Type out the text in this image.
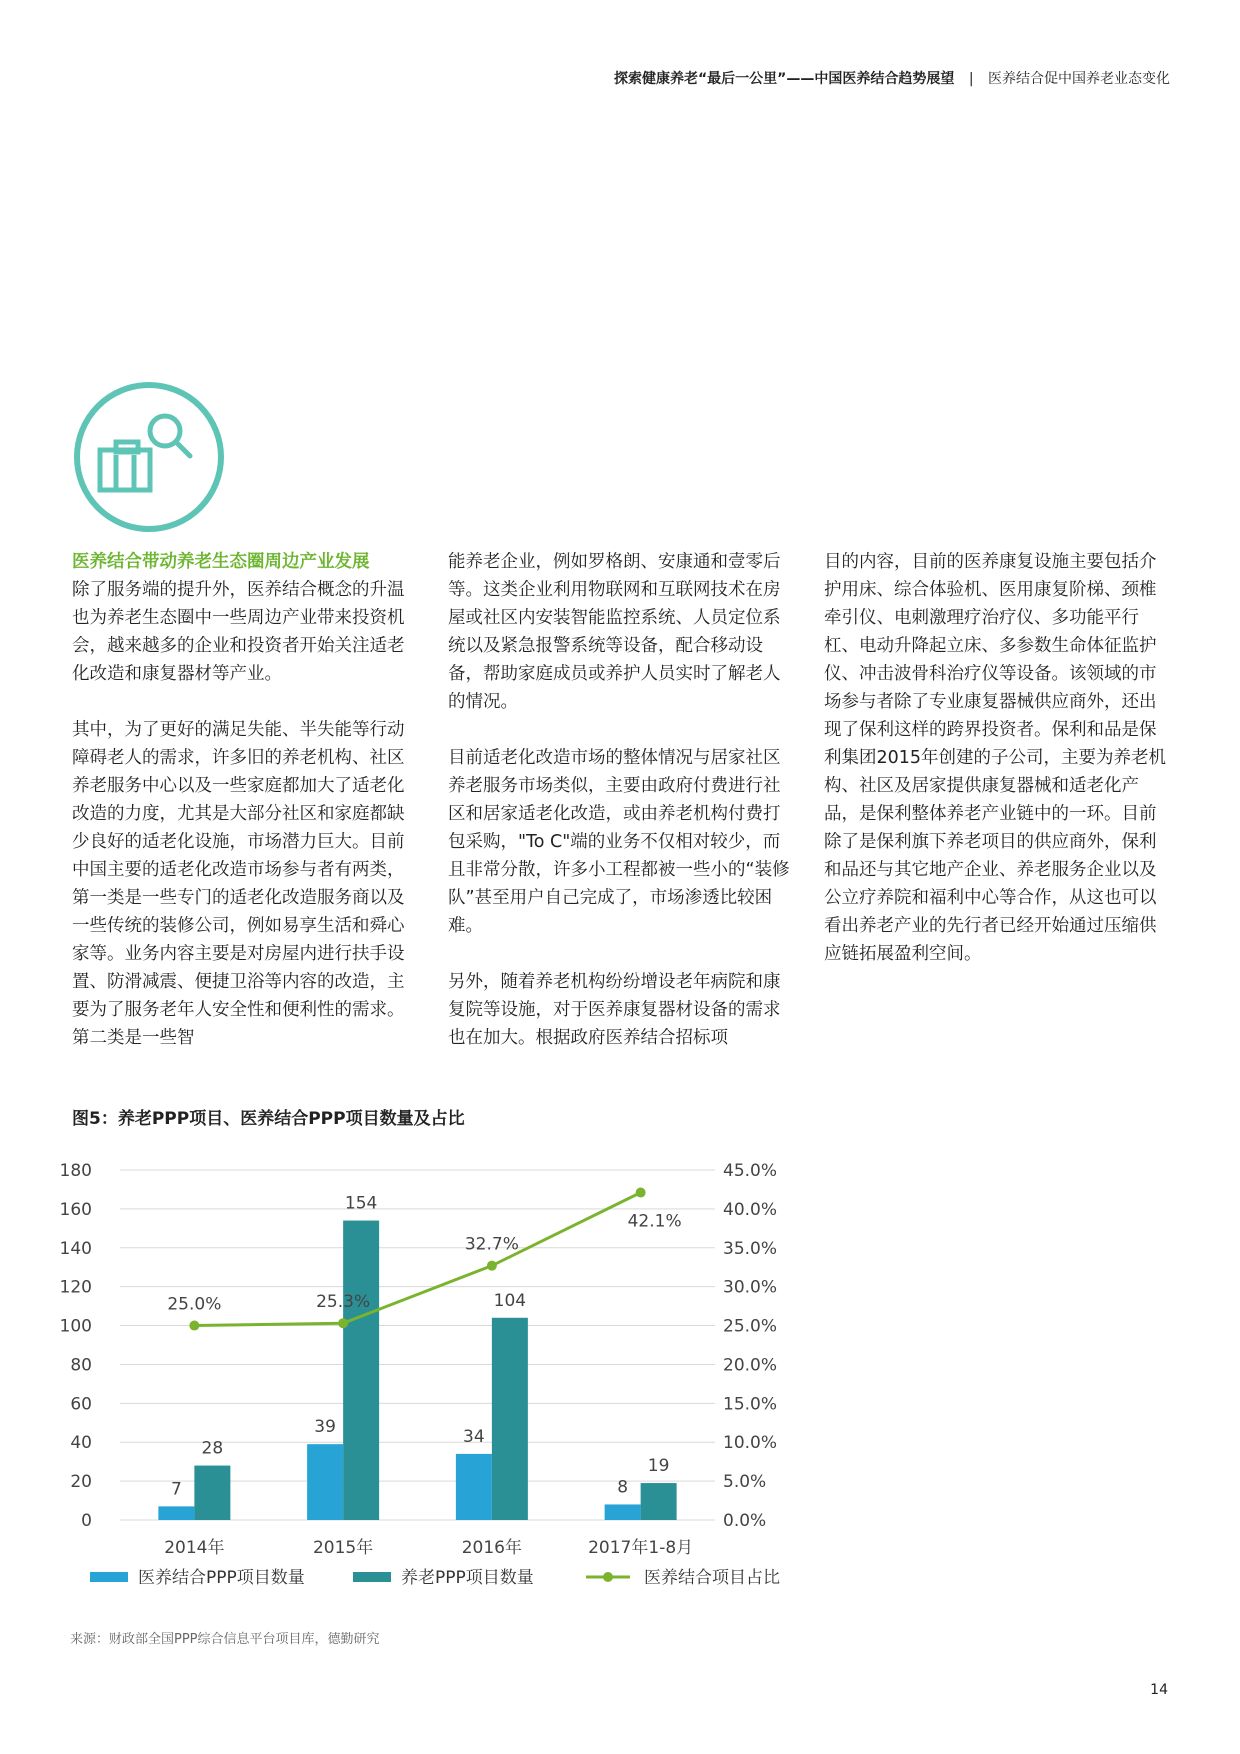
探索健康养老“最后一公里”——中国医养结合趋势展望 | 医养结合促中国养老业态变化
医养结合带动养老生态圈周边产业发展

除了服务端的提升外，医养结合概念的升温也为养老生态圈中一些周边产业带来投资机会，越来越多的企业和投资者开始关注适老化改造和康复器材等产业。

其中，为了更好的满足失能、半失能等行动障碍老人的需求，许多旧的养老机构、社区养老服务中心以及一些家庭都加大了适老化改造的力度，尤其是大部分社区和家庭都缺少良好的适老化设施，市场潜力巨大。目前中国主要的适老化改造市场参与者有两类，第一类是一些专门的适老化改造服务商以及一些传统的装修公司，例如易享生活和舜心家等。业务内容主要是对房屋内进行扶手设置、防滑减震、便捷卫浴等内容的改造，主要为了服务老年人安全性和便利性的需求。第二类是一些智

能养老企业，例如罗格朗、安康通和壹零后等。这类企业利用物联网和互联网技术在房屋或社区内安装智能监控系统、人员定位系统以及紧急报警系统等设备，配合移动设备，帮助家庭成员或养护人员实时了解老人的情况。

目前适老化改造市场的整体情况与居家社区养老服务市场类似，主要由政府付费进行社区和居家适老化改造，或由养老机构付费打包采购，"To C"端的业务不仅相对较少，而且非常分散，许多小工程都被一些小的“装修队”甚至用户自己完成了，市场渗透比较困难。

另外，随着养老机构纷纷增设老年病院和康复院等设施，对于医养康复器材设备的需求也在加大。根据政府医养结合招标项

目的内容，目前的医养康复设施主要包括介护用床、综合体验机、医用康复阶梯、颈椎牵引仪、电刺激理疗治疗仪、多功能平行杠、电动升降起立床、多参数生命体征监护仪、冲击波骨科治疗仪等设备。该领域的市场参与者除了专业康复器械供应商外，还出现了保利这样的跨界投资者。保利和品是保利集团2015年创建的子公司，主要为养老机构、社区及居家提供康复器械和适老化产品，是保利整体养老产业链中的一环。目前除了是保利旗下养老项目的供应商外，保利和品还与其它地产企业、养老服务企业以及公立疗养院和福利中心等合作，从这也可以看出养老产业的先行者已经开始通过压缩供应链拓展盈利空间。

图5：养老PPP项目、医养结合PPP项目数量及占比
0
20
40
60
80
100
120
140
160
180
0.0%
5.0%
10.0%
15.0%
20.0%
25.0%
30.0%
35.0%
40.0%
45.0%
7
28
2014年
39
154
2015年
34
104
2016年
8
19
2017年1-8月
25.0%	25.3%
32.7%
42.1%
医养结合PPP项目数量	养老PPP项目数量	医养结合项目占比
来源：财政部全国PPP综合信息平台项目库，德勤研究
14
